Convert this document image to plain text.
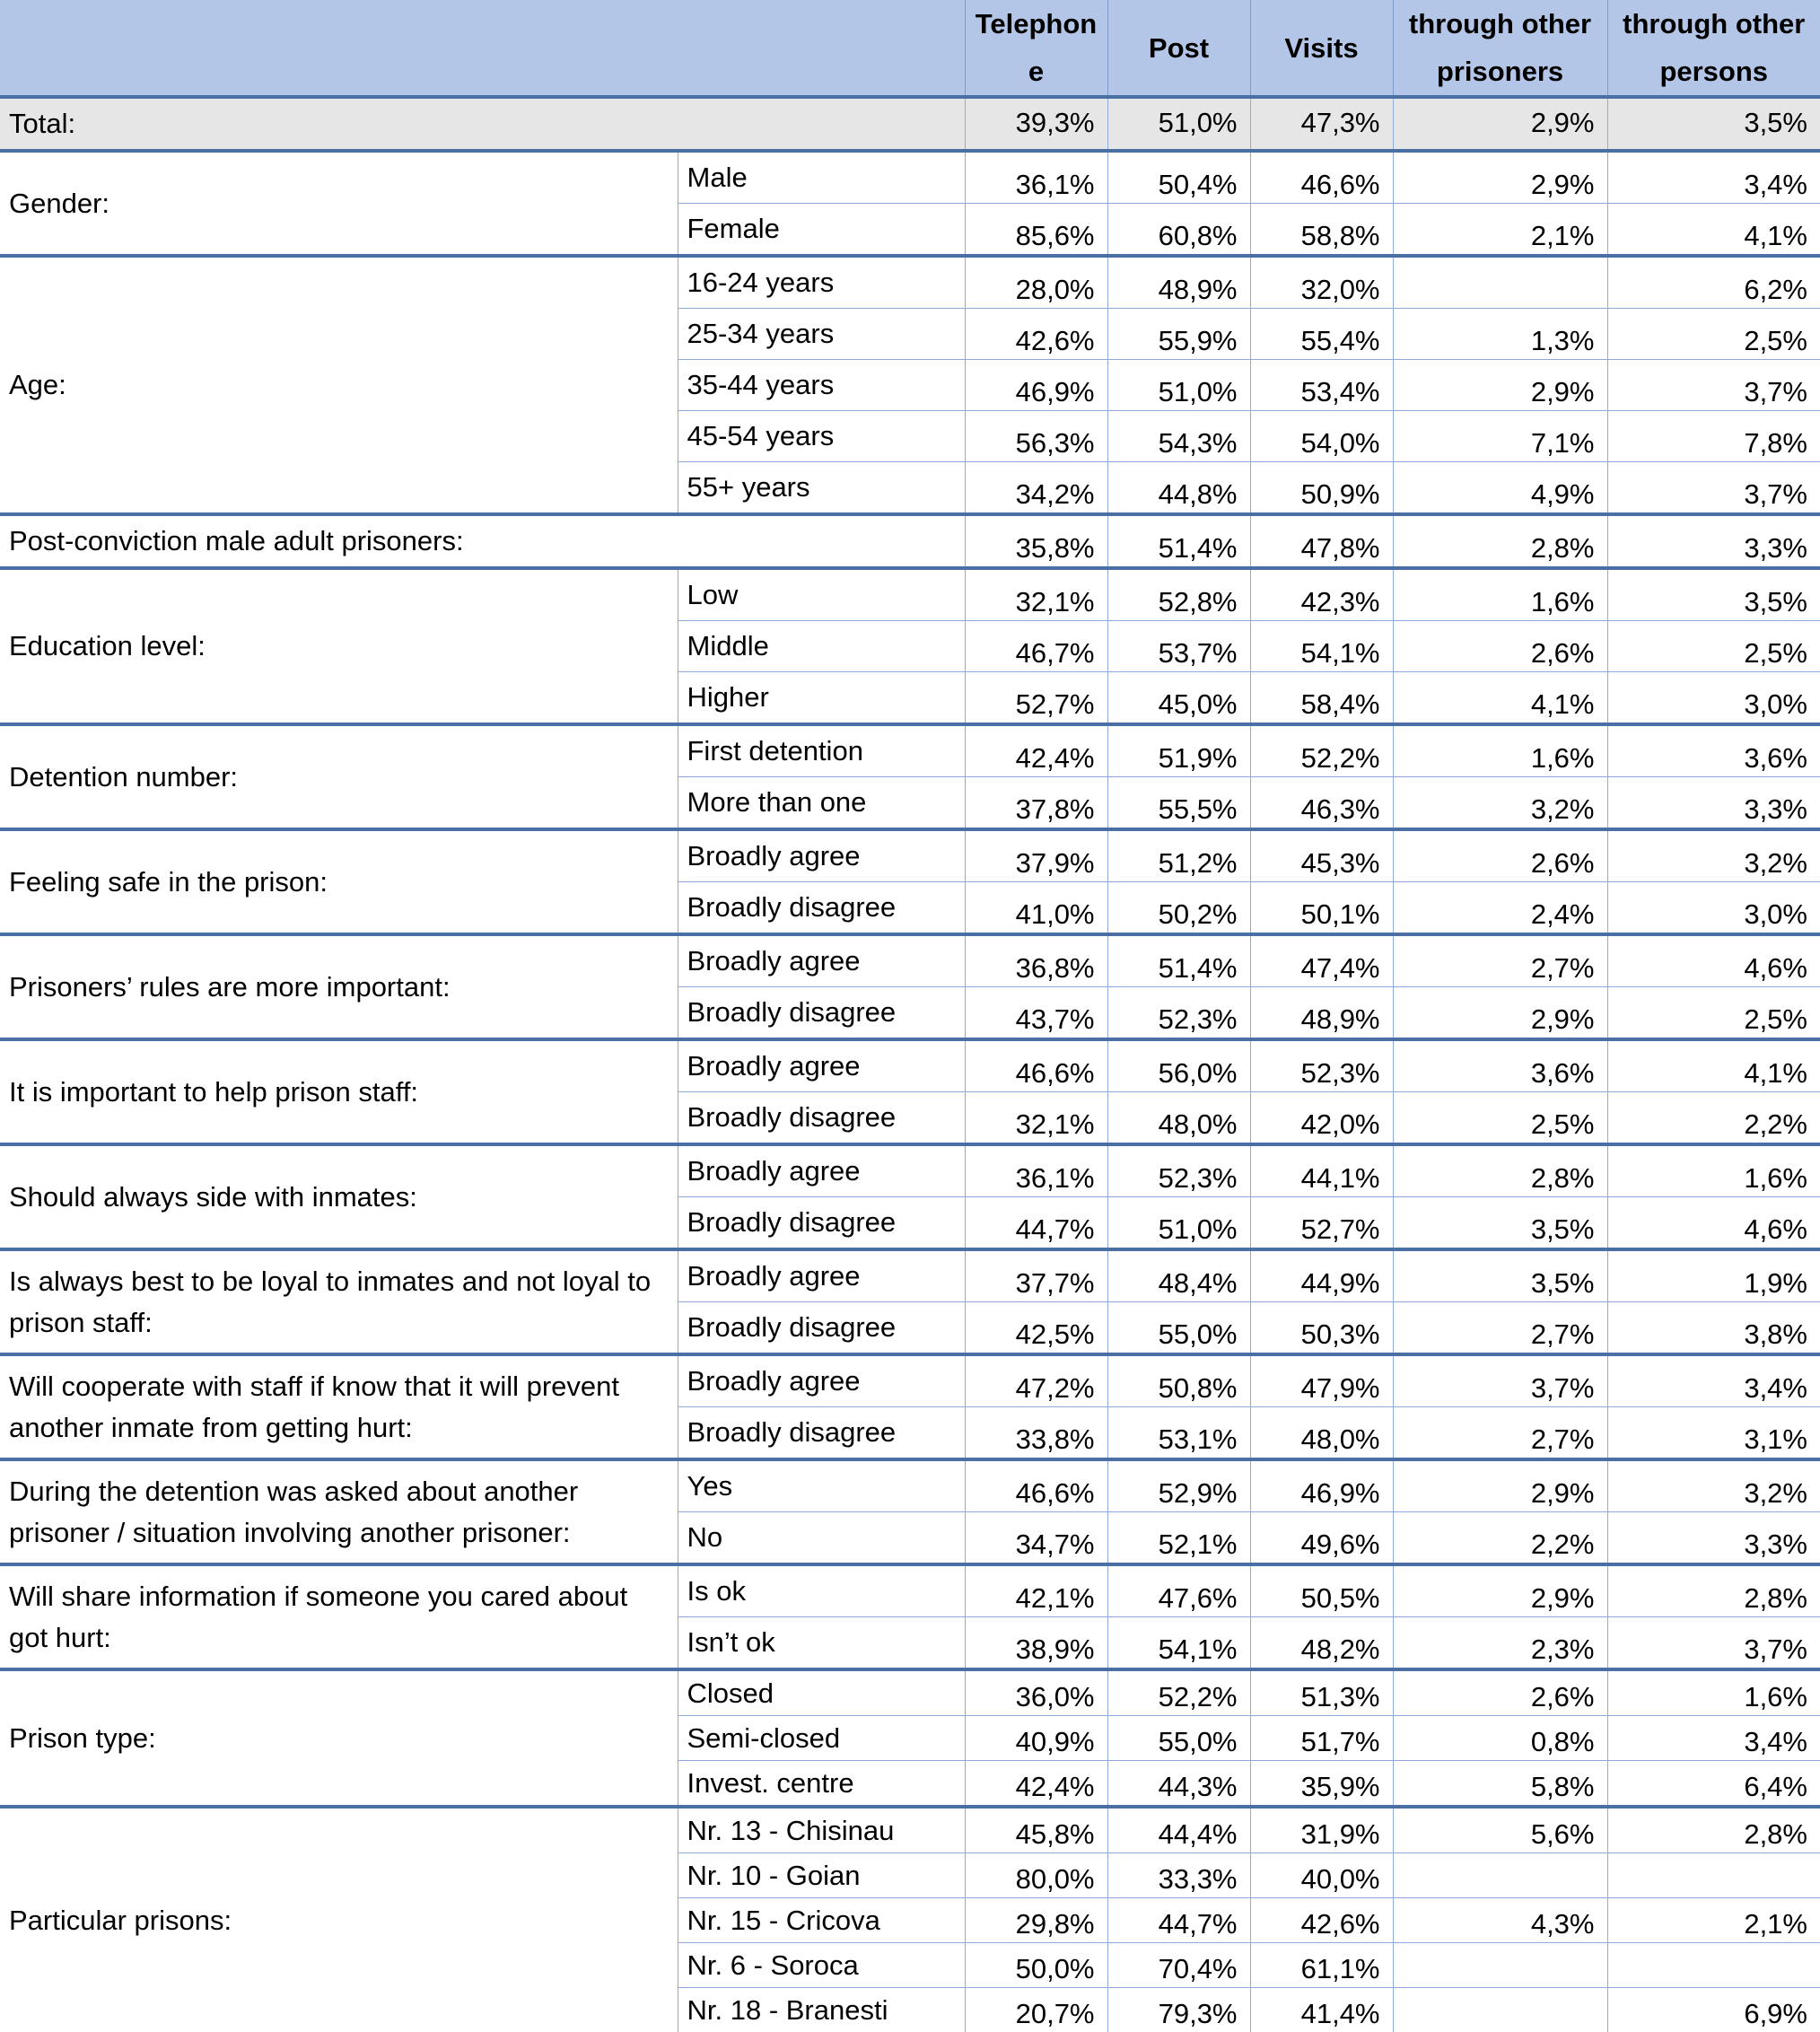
		Telephon e	Post	Visits	through other prisoners	through other persons
Total:		39,3%	51,0%	47,3%	2,9%	3,5%
Gender:	Male	36,1%	50,4%	46,6%	2,9%	3,4%
	Female	85,6%	60,8%	58,8%	2,1%	4,1%
Age:	16-24 years	28,0%	48,9%	32,0%		6,2%
	25-34 years	42,6%	55,9%	55,4%	1,3%	2,5%
	35-44 years	46,9%	51,0%	53,4%	2,9%	3,7%
	45-54 years	56,3%	54,3%	54,0%	7,1%	7,8%
	55+ years	34,2%	44,8%	50,9%	4,9%	3,7%
Post-conviction male adult prisoners:		35,8%	51,4%	47,8%	2,8%	3,3%
Education level:	Low	32,1%	52,8%	42,3%	1,6%	3,5%
	Middle	46,7%	53,7%	54,1%	2,6%	2,5%
	Higher	52,7%	45,0%	58,4%	4,1%	3,0%
Detention number:	First detention	42,4%	51,9%	52,2%	1,6%	3,6%
	More than one	37,8%	55,5%	46,3%	3,2%	3,3%
Feeling safe in the prison:	Broadly agree	37,9%	51,2%	45,3%	2,6%	3,2%
	Broadly disagree	41,0%	50,2%	50,1%	2,4%	3,0%
Prisoners’ rules are more important:	Broadly agree	36,8%	51,4%	47,4%	2,7%	4,6%
	Broadly disagree	43,7%	52,3%	48,9%	2,9%	2,5%
It is important to help prison staff:	Broadly agree	46,6%	56,0%	52,3%	3,6%	4,1%
	Broadly disagree	32,1%	48,0%	42,0%	2,5%	2,2%
Should always side with inmates:	Broadly agree	36,1%	52,3%	44,1%	2,8%	1,6%
	Broadly disagree	44,7%	51,0%	52,7%	3,5%	4,6%
Is always best to be loyal to inmates and not loyal to prison staff:	Broadly agree	37,7%	48,4%	44,9%	3,5%	1,9%
	Broadly disagree	42,5%	55,0%	50,3%	2,7%	3,8%
Will cooperate with staff if know that it will prevent another inmate from getting hurt:	Broadly agree	47,2%	50,8%	47,9%	3,7%	3,4%
	Broadly disagree	33,8%	53,1%	48,0%	2,7%	3,1%
During the detention was asked about another prisoner / situation involving another prisoner:	Yes	46,6%	52,9%	46,9%	2,9%	3,2%
	No	34,7%	52,1%	49,6%	2,2%	3,3%
Will share information if someone you cared about got hurt:	Is ok	42,1%	47,6%	50,5%	2,9%	2,8%
	Isn’t ok	38,9%	54,1%	48,2%	2,3%	3,7%
Prison type:	Closed	36,0%	52,2%	51,3%	2,6%	1,6%
	Semi-closed	40,9%	55,0%	51,7%	0,8%	3,4%
	Invest. centre	42,4%	44,3%	35,9%	5,8%	6,4%
Particular prisons:	Nr. 13 - Chisinau	45,8%	44,4%	31,9%	5,6%	2,8%
	Nr. 10 - Goian	80,0%	33,3%	40,0%		
	Nr. 15 - Cricova	29,8%	44,7%	42,6%	4,3%	2,1%
	Nr. 6 - Soroca	50,0%	70,4%	61,1%		
	Nr. 18 - Branesti	20,7%	79,3%	41,4%		6,9%
